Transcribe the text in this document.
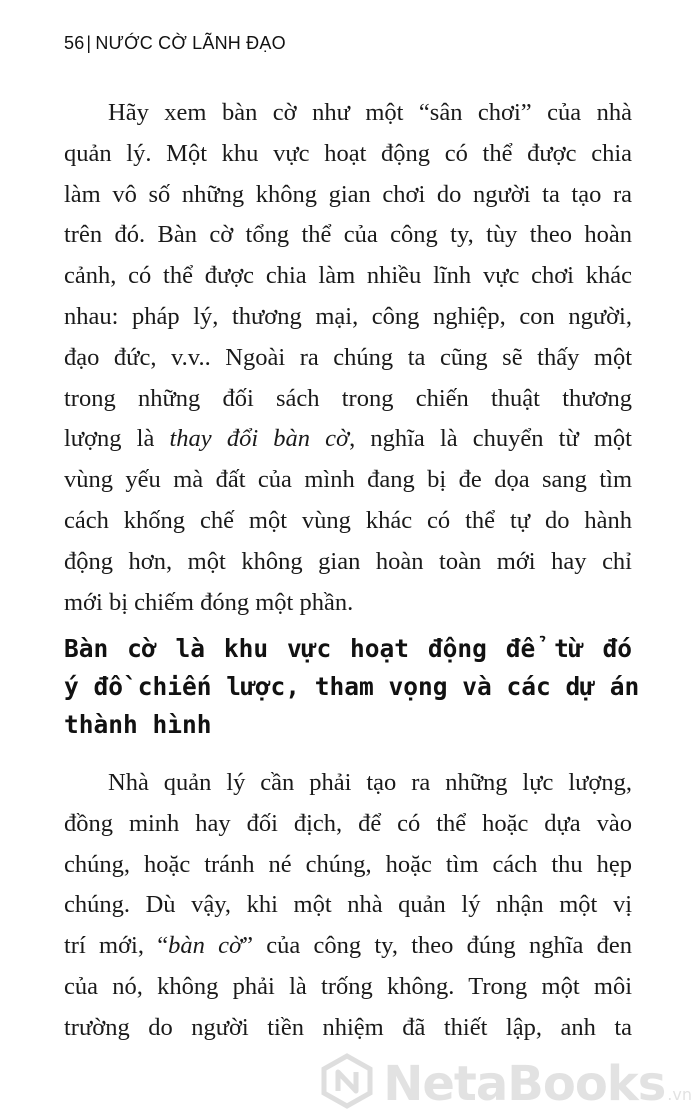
56 | NƯỚC CỜ LÃNH ĐẠO

Hãy xem bàn cờ như một “sân chơi” của nhà
quản lý. Một khu vực hoạt động có thể được chia
làm vô số những không gian chơi do người ta tạo ra
trên đó. Bàn cờ tổng thể của công ty, tùy theo hoàn
cảnh, có thể được chia làm nhiều lĩnh vực chơi khác
nhau: pháp lý, thương mại, công nghiệp, con người,
đạo đức, v.v.. Ngoài ra chúng ta cũng sẽ thấy một
trong những đối sách trong chiến thuật thương
lượng là thay đổi bàn cờ, nghĩa là chuyển từ một
vùng yếu mà đất của mình đang bị đe dọa sang tìm
cách khống chế một vùng khác có thể tự do hành
động hơn, một không gian hoàn toàn mới hay chỉ
mới bị chiếm đóng một phần.

Bàn cờ là khu vực hoạt động để từ đó
ý đồ chiến lược, tham vọng và các dự án
thành hình

Nhà quản lý cần phải tạo ra những lực lượng,
đồng minh hay đối địch, để có thể hoặc dựa vào
chúng, hoặc tránh né chúng, hoặc tìm cách thu hẹp
chúng. Dù vậy, khi một nhà quản lý nhận một vị
trí mới, “bàn cờ” của công ty, theo đúng nghĩa đen
của nó, không phải là trống không. Trong một môi
trường do người tiền nhiệm đã thiết lập, anh ta

NetaBooks .vn
